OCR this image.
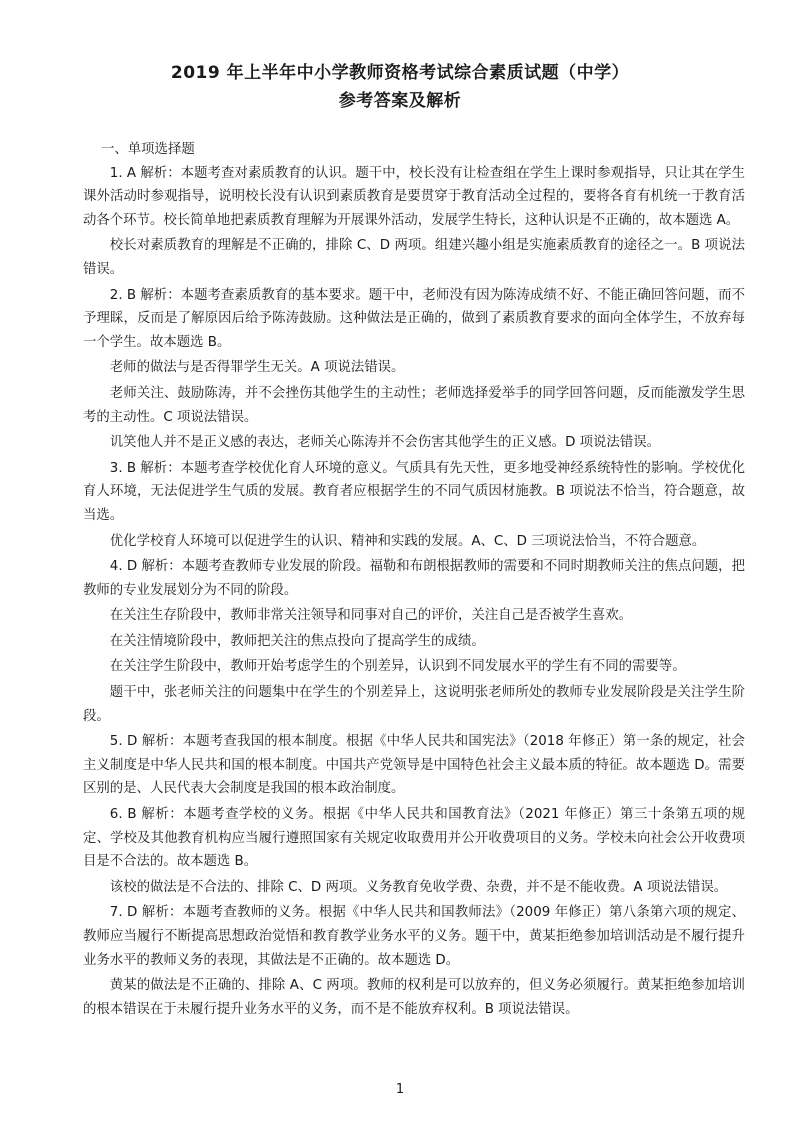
2019 年上半年中小学教师资格考试综合素质试题（中学）
参考答案及解析

一、单项选择题

1. A 解析：本题考查对素质教育的认识。题干中，校长没有让检查组在学生上课时参观指导，只让其在学生课外活动时参观指导，说明校长没有认识到素质教育是要贯穿于教育活动全过程的，要将各育有机统一于教育活动各个环节。校长简单地把素质教育理解为开展课外活动，发展学生特长，这种认识是不正确的，故本题选 A。

校长对素质教育的理解是不正确的，排除 C、D 两项。组建兴趣小组是实施素质教育的途径之一。B 项说法错误。

2. B 解析：本题考查素质教育的基本要求。题干中，老师没有因为陈涛成绩不好、不能正确回答问题，而不予理睬，反而是了解原因后给予陈涛鼓励。这种做法是正确的，做到了素质教育要求的面向全体学生，不放弃每一个学生。故本题选 B。

老师的做法与是否得罪学生无关。A 项说法错误。

老师关注、鼓励陈涛，并不会挫伤其他学生的主动性；老师选择爱举手的同学回答问题，反而能激发学生思考的主动性。C 项说法错误。

讥笑他人并不是正义感的表达，老师关心陈涛并不会伤害其他学生的正义感。D 项说法错误。

3. B 解析：本题考查学校优化育人环境的意义。气质具有先天性，更多地受神经系统特性的影响。学校优化育人环境，无法促进学生气质的发展。教育者应根据学生的不同气质因材施教。B 项说法不恰当，符合题意，故当选。

优化学校育人环境可以促进学生的认识、精神和实践的发展。A、C、D 三项说法恰当，不符合题意。

4. D 解析：本题考查教师专业发展的阶段。福勒和布朗根据教师的需要和不同时期教师关注的焦点问题，把教师的专业发展划分为不同的阶段。

在关注生存阶段中，教师非常关注领导和同事对自己的评价，关注自己是否被学生喜欢。

在关注情境阶段中，教师把关注的焦点投向了提高学生的成绩。

在关注学生阶段中，教师开始考虑学生的个别差异，认识到不同发展水平的学生有不同的需要等。

题干中，张老师关注的问题集中在学生的个别差异上，这说明张老师所处的教师专业发展阶段是关注学生阶段。

5. D 解析：本题考查我国的根本制度。根据《中华人民共和国宪法》（2018 年修正）第一条的规定，社会主义制度是中华人民共和国的根本制度。中国共产党领导是中国特色社会主义最本质的特征。故本题选 D。需要区别的是、人民代表大会制度是我国的根本政治制度。

6. B 解析：本题考查学校的义务。根据《中华人民共和国教育法》（2021 年修正）第三十条第五项的规定、学校及其他教育机构应当履行遵照国家有关规定收取费用并公开收费项目的义务。学校未向社会公开收费项目是不合法的。故本题选 B。

该校的做法是不合法的、排除 C、D 两项。义务教育免收学费、杂费，并不是不能收费。A 项说法错误。

7. D 解析：本题考查教师的义务。根据《中华人民共和国教师法》（2009 年修正）第八条第六项的规定、教师应当履行不断提高思想政治觉悟和教育教学业务水平的义务。题干中，黄某拒绝参加培训活动是不履行提升业务水平的教师义务的表现，其做法是不正确的。故本题选 D。

黄某的做法是不正确的、排除 A、C 两项。教师的权利是可以放弃的，但义务必须履行。黄某拒绝参加培训的根本错误在于未履行提升业务水平的义务，而不是不能放弃权利。B 项说法错误。

1
